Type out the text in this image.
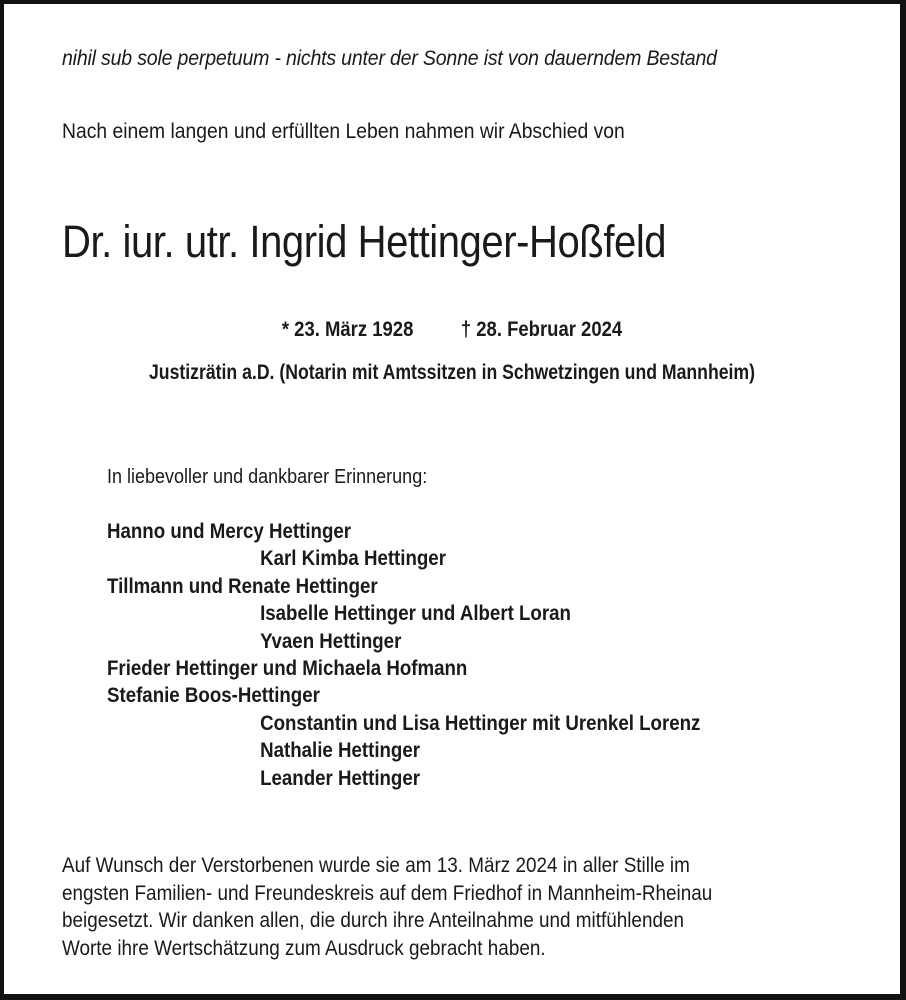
nihil sub sole perpetuum - nichts unter der Sonne ist von dauerndem Bestand
Nach einem langen und erfüllten Leben nahmen wir Abschied von
Dr. iur. utr. Ingrid Hettinger-Hoßfeld
* 23. März 1928 † 28. Februar 2024
Justizrätin a.D. (Notarin mit Amtssitzen in Schwetzingen und Mannheim)
In liebevoller und dankbarer Erinnerung:
Hanno und Mercy Hettinger
Karl Kimba Hettinger
Tillmann und Renate Hettinger
Isabelle Hettinger und Albert Loran
Yvaen Hettinger
Frieder Hettinger und Michaela Hofmann
Stefanie Boos-Hettinger
Constantin und Lisa Hettinger mit Urenkel Lorenz
Nathalie Hettinger
Leander Hettinger
Auf Wunsch der Verstorbenen wurde sie am 13. März 2024 in aller Stille im
engsten Familien- und Freundeskreis auf dem Friedhof in Mannheim-Rheinau
beigesetzt. Wir danken allen, die durch ihre Anteilnahme und mitfühlenden
Worte ihre Wertschätzung zum Ausdruck gebracht haben.
